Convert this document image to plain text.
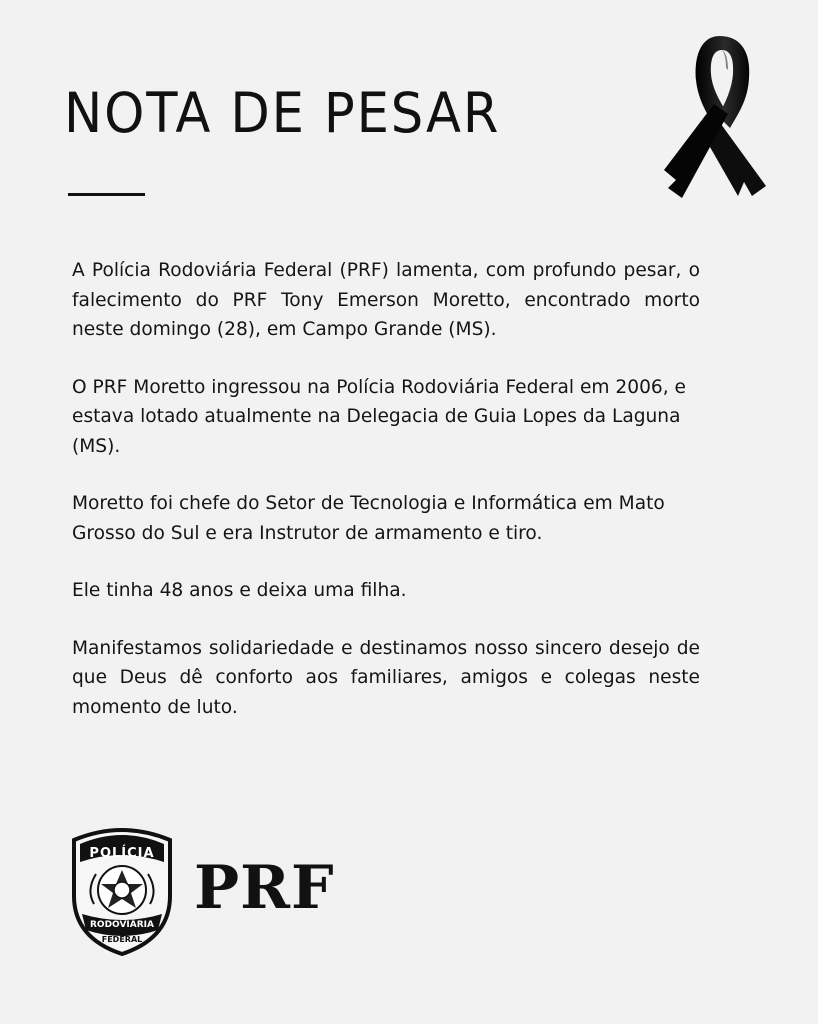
NOTA DE PESAR

A Polícia Rodoviária Federal (PRF) lamenta, com profundo pesar, o falecimento do PRF Tony Emerson Moretto, encontrado morto neste domingo (28), em Campo Grande (MS).

O PRF Moretto ingressou na Polícia Rodoviária Federal em 2006, e estava lotado atualmente na Delegacia de Guia Lopes da Laguna (MS).

Moretto foi chefe do Setor de Tecnologia e Informática em Mato Grosso do Sul e era Instrutor de armamento e tiro.

Ele tinha 48 anos e deixa uma filha.

Manifestamos solidariedade e destinamos nosso sincero desejo de que Deus dê conforto aos familiares, amigos e colegas neste momento de luto.

POLÍCIA
RODOVIÁRIA
FEDERAL
PRF
